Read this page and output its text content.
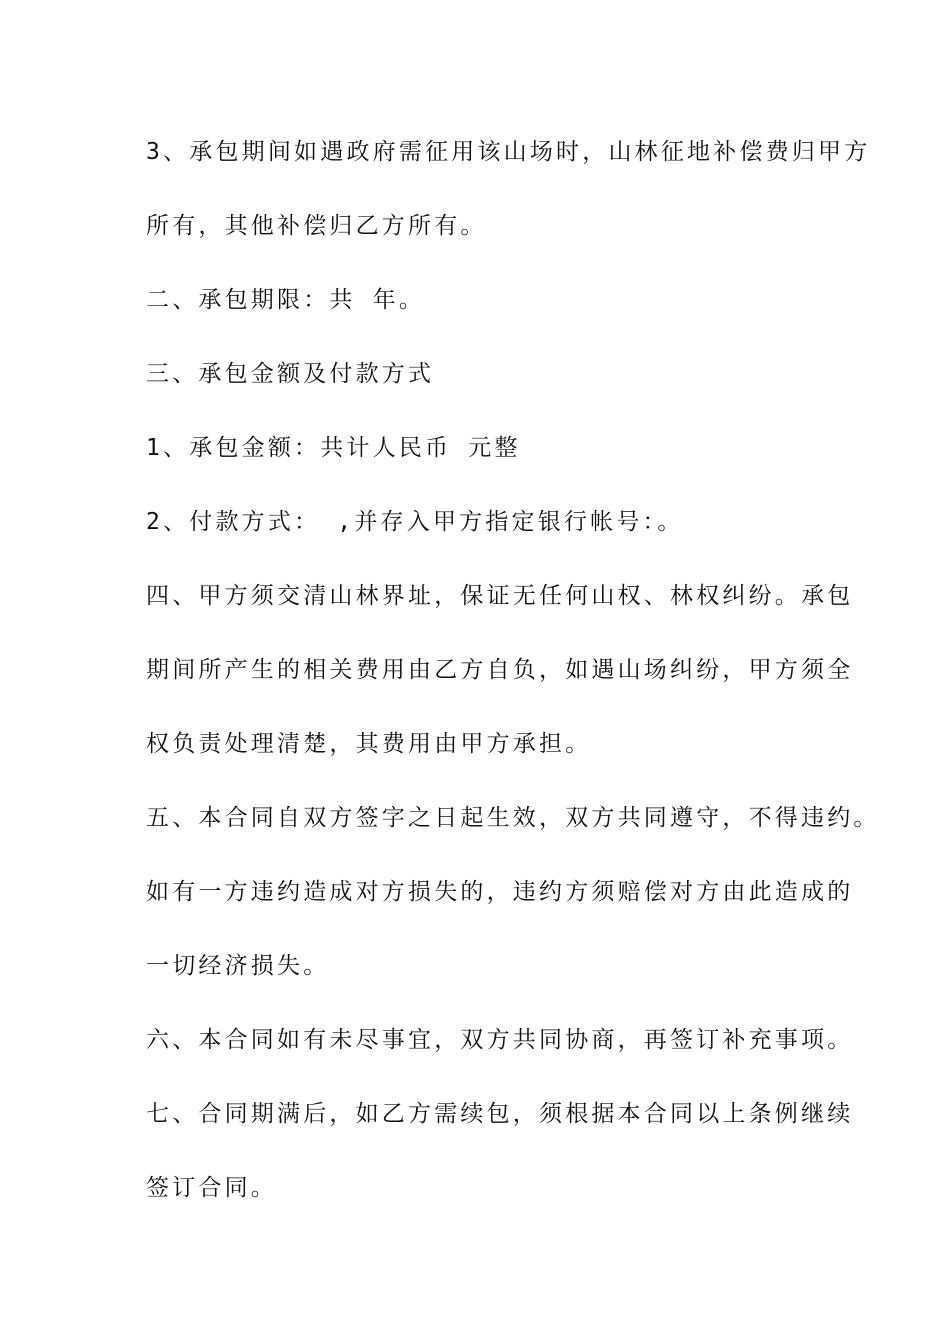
3、承包期间如遇政府需征用该山场时，山林征地补偿费归甲方

所有，其他补偿归乙方所有。

二、承包期限：共 年。

三、承包金额及付款方式

1、承包金额：共计人民币 元整

2、付款方式： ,并存入甲方指定银行帐号：。

四、甲方须交清山林界址，保证无任何山权、林权纠纷。承包

期间所产生的相关费用由乙方自负，如遇山场纠纷，甲方须全

权负责处理清楚，其费用由甲方承担。

五、本合同自双方签字之日起生效，双方共同遵守，不得违约。

如有一方违约造成对方损失的，违约方须赔偿对方由此造成的

一切经济损失。

六、本合同如有未尽事宜，双方共同协商，再签订补充事项。

七、合同期满后，如乙方需续包，须根据本合同以上条例继续

签订合同。
